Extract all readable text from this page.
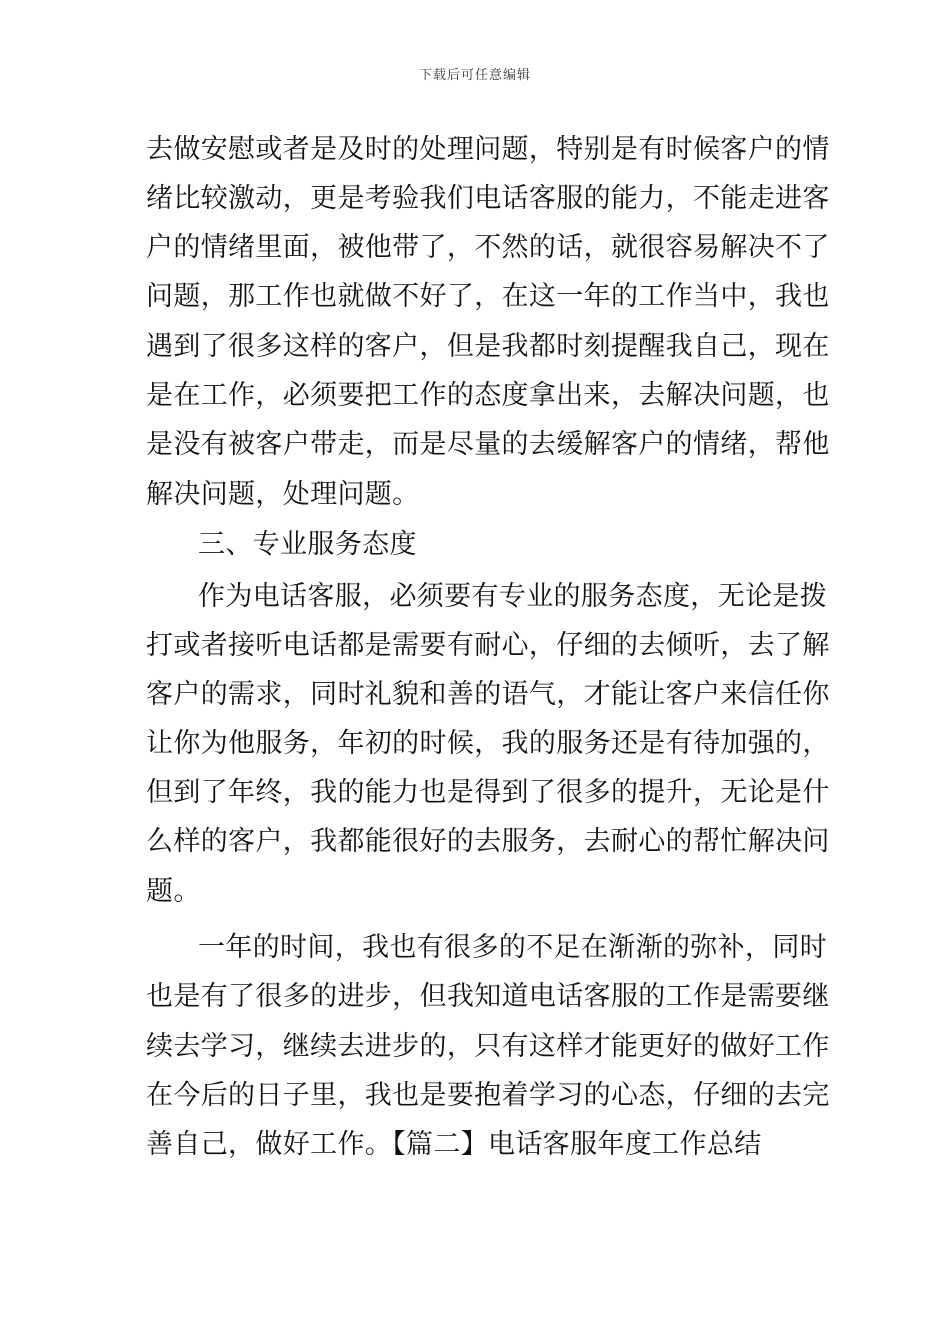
下载后可任意编辑
去做安慰或者是及时的处理问题，特别是有时候客户的情
绪比较激动，更是考验我们电话客服的能力，不能走进客
户的情绪里面，被他带了，不然的话，就很容易解决不了
问题，那工作也就做不好了，在这一年的工作当中，我也
遇到了很多这样的客户，但是我都时刻提醒我自己，现在
是在工作，必须要把工作的态度拿出来，去解决问题，也
是没有被客户带走，而是尽量的去缓解客户的情绪，帮他
解决问题，处理问题。
三、专业服务态度
作为电话客服，必须要有专业的服务态度，无论是拨
打或者接听电话都是需要有耐心，仔细的去倾听，去了解
客户的需求，同时礼貌和善的语气，才能让客户来信任你
让你为他服务，年初的时候，我的服务还是有待加强的，
但到了年终，我的能力也是得到了很多的提升，无论是什
么样的客户，我都能很好的去服务，去耐心的帮忙解决问
题。
一年的时间，我也有很多的不足在渐渐的弥补，同时
也是有了很多的进步，但我知道电话客服的工作是需要继
续去学习，继续去进步的，只有这样才能更好的做好工作
在今后的日子里，我也是要抱着学习的心态，仔细的去完
善自己，做好工作。【篇二】电话客服年度工作总结
